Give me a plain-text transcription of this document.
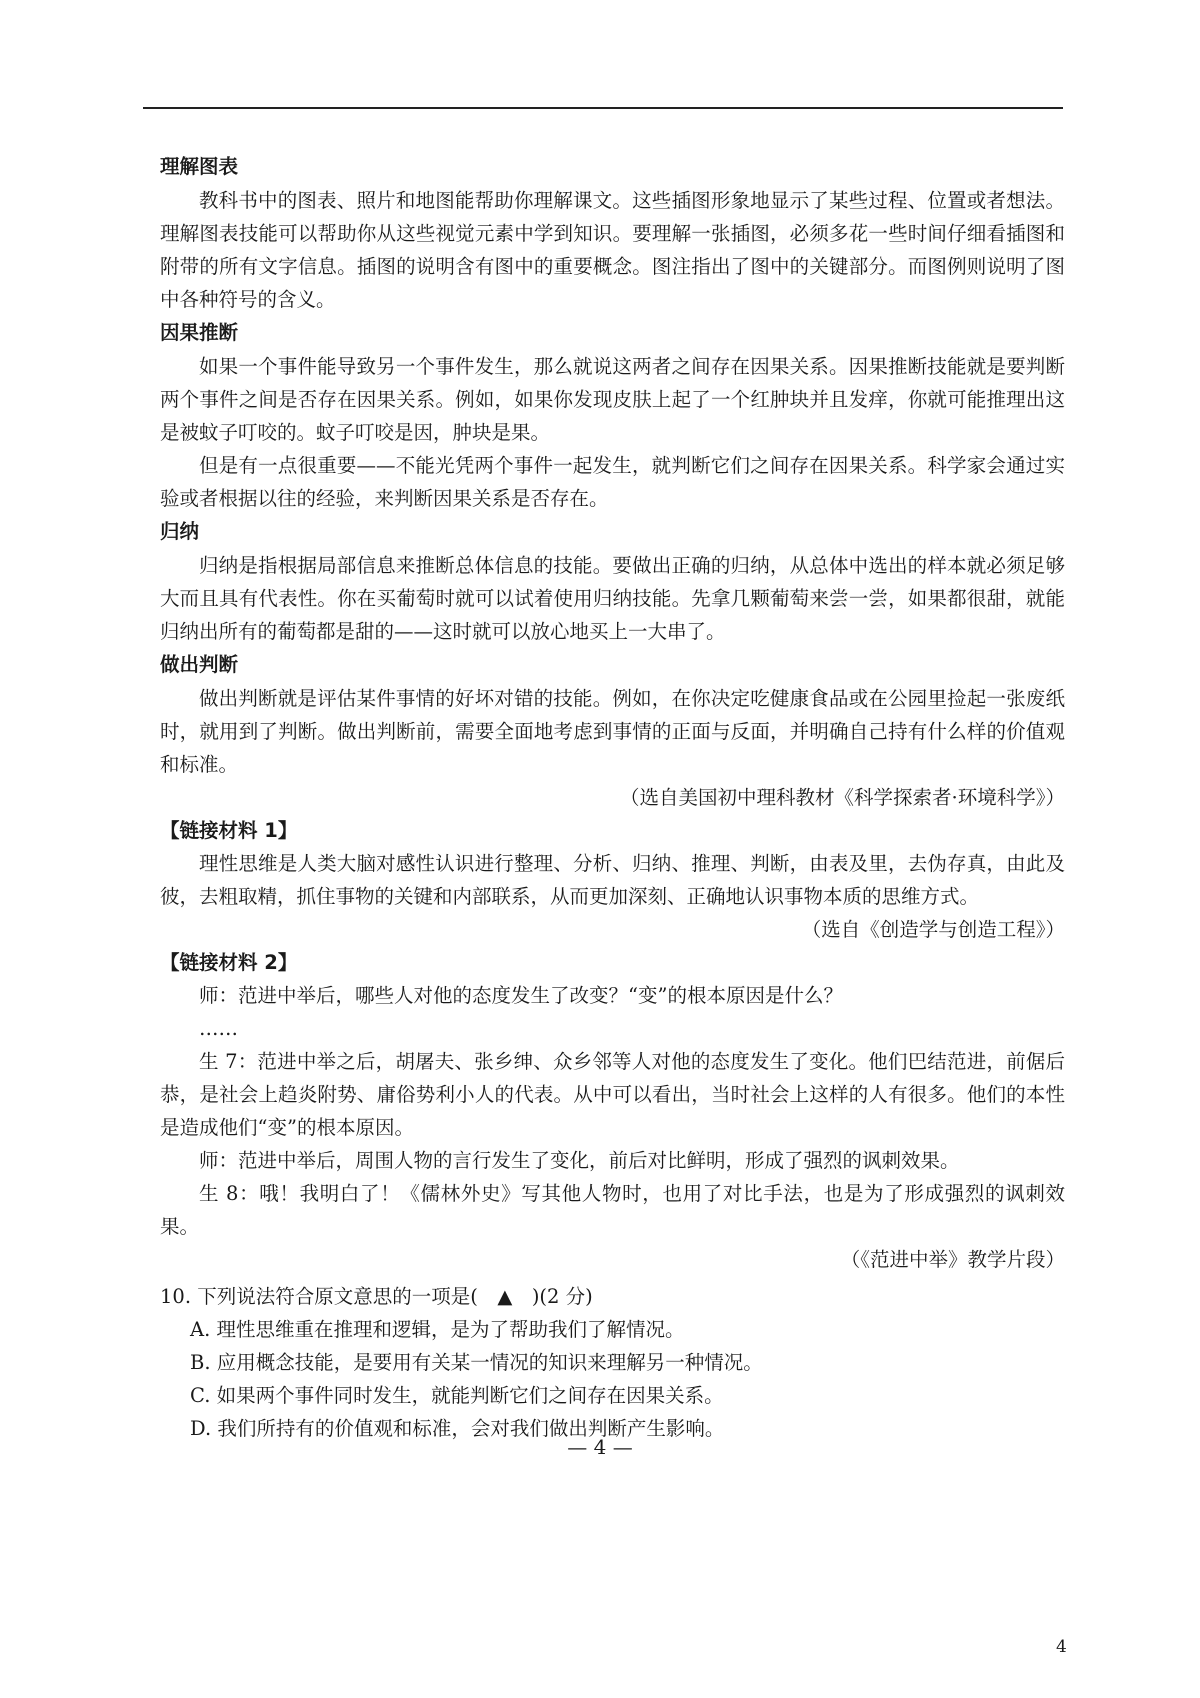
理解图表

教科书中的图表、照片和地图能帮助你理解课文。这些插图形象地显示了某些过程、位置或者想法。理解图表技能可以帮助你从这些视觉元素中学到知识。要理解一张插图，必须多花一些时间仔细看插图和附带的所有文字信息。插图的说明含有图中的重要概念。图注指出了图中的关键部分。而图例则说明了图中各种符号的含义。

因果推断

如果一个事件能导致另一个事件发生，那么就说这两者之间存在因果关系。因果推断技能就是要判断两个事件之间是否存在因果关系。例如，如果你发现皮肤上起了一个红肿块并且发痒，你就可能推理出这是被蚊子叮咬的。蚊子叮咬是因，肿块是果。

但是有一点很重要——不能光凭两个事件一起发生，就判断它们之间存在因果关系。科学家会通过实验或者根据以往的经验，来判断因果关系是否存在。

归纳

归纳是指根据局部信息来推断总体信息的技能。要做出正确的归纳，从总体中选出的样本就必须足够大而且具有代表性。你在买葡萄时就可以试着使用归纳技能。先拿几颗葡萄来尝一尝，如果都很甜，就能归纳出所有的葡萄都是甜的——这时就可以放心地买上一大串了。

做出判断

做出判断就是评估某件事情的好坏对错的技能。例如，在你决定吃健康食品或在公园里捡起一张废纸时，就用到了判断。做出判断前，需要全面地考虑到事情的正面与反面，并明确自己持有什么样的价值观和标准。

（选自美国初中理科教材《科学探索者·环境科学》）

【链接材料 1】

理性思维是人类大脑对感性认识进行整理、分析、归纳、推理、判断，由表及里，去伪存真，由此及彼，去粗取精，抓住事物的关键和内部联系，从而更加深刻、正确地认识事物本质的思维方式。

（选自《创造学与创造工程》）

【链接材料 2】

师：范进中举后，哪些人对他的态度发生了改变？“变”的根本原因是什么？

……

生 7：范进中举之后，胡屠夫、张乡绅、众乡邻等人对他的态度发生了变化。他们巴结范进，前倨后恭，是社会上趋炎附势、庸俗势利小人的代表。从中可以看出，当时社会上这样的人有很多。他们的本性是造成他们“变”的根本原因。

师：范进中举后，周围人物的言行发生了变化，前后对比鲜明，形成了强烈的讽刺效果。

生 8：哦！我明白了！《儒林外史》写其他人物时，也用了对比手法，也是为了形成强烈的讽刺效果。

（《范进中举》教学片段）

10. 下列说法符合原文意思的一项是(　▲　)(2 分)

A. 理性思维重在推理和逻辑，是为了帮助我们了解情况。
B. 应用概念技能，是要用有关某一情况的知识来理解另一种情况。
C. 如果两个事件同时发生，就能判断它们之间存在因果关系。
D. 我们所持有的价值观和标准，会对我们做出判断产生影响。
— 4 —
4
